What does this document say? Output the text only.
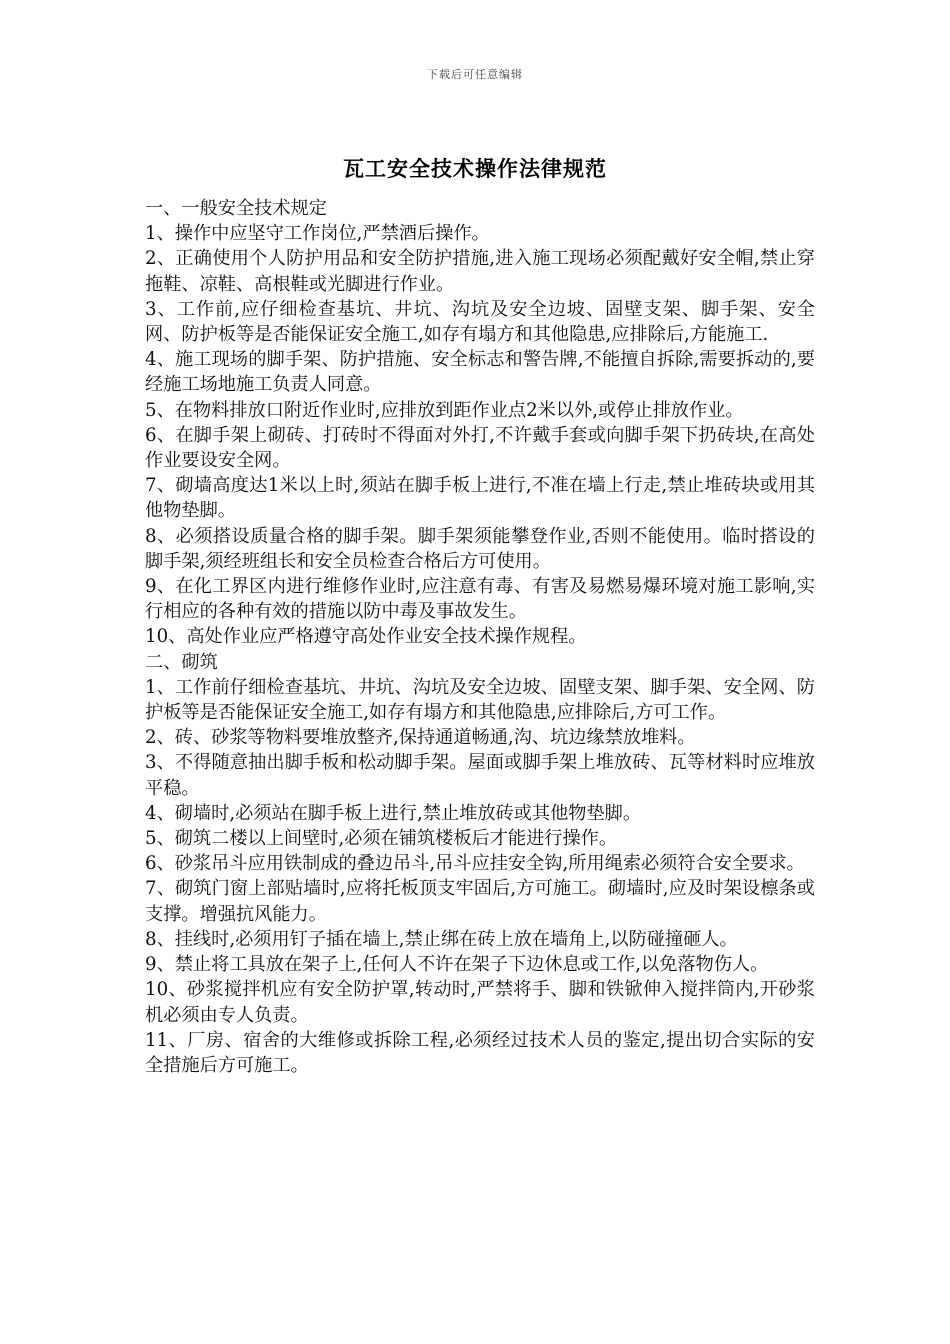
下载后可任意编辑
瓦工安全技术操作法律规范

一、一般安全技术规定

1、操作中应坚守工作岗位,严禁酒后操作。

2、正确使用个人防护用品和安全防护措施,进入施工现场必须配戴好安全帽,禁止穿拖鞋、凉鞋、高根鞋或光脚进行作业。

3、工作前,应仔细检查基坑、井坑、沟坑及安全边坡、固壁支架、脚手架、安全网、防护板等是否能保证安全施工,如存有塌方和其他隐患,应排除后,方能施工.

4、施工现场的脚手架、防护措施、安全标志和警告牌,不能擅自拆除,需要拆动的,要经施工场地施工负责人同意。

5、在物料排放口附近作业时,应排放到距作业点2米以外,或停止排放作业。

6、在脚手架上砌砖、打砖时不得面对外打,不许戴手套或向脚手架下扔砖块,在高处作业要设安全网。

7、砌墙高度达1米以上时,须站在脚手板上进行,不准在墙上行走,禁止堆砖块或用其他物垫脚。

8、必须搭设质量合格的脚手架。脚手架须能攀登作业,否则不能使用。临时搭设的脚手架,须经班组长和安全员检查合格后方可使用。

9、在化工界区内进行维修作业时,应注意有毒、有害及易燃易爆环境对施工影响,实行相应的各种有效的措施以防中毒及事故发生。

10、高处作业应严格遵守高处作业安全技术操作规程。

二、砌筑

1、工作前仔细检查基坑、井坑、沟坑及安全边坡、固壁支架、脚手架、安全网、防护板等是否能保证安全施工,如存有塌方和其他隐患,应排除后,方可工作。

2、砖、砂浆等物料要堆放整齐,保持通道畅通,沟、坑边缘禁放堆料。

3、不得随意抽出脚手板和松动脚手架。屋面或脚手架上堆放砖、瓦等材料时应堆放平稳。

4、砌墙时,必须站在脚手板上进行,禁止堆放砖或其他物垫脚。

5、砌筑二楼以上间壁时,必须在铺筑楼板后才能进行操作。

6、砂浆吊斗应用铁制成的叠边吊斗,吊斗应挂安全钩,所用绳索必须符合安全要求。

7、砌筑门窗上部贴墙时,应将托板顶支牢固后,方可施工。砌墙时,应及时架设檩条或支撑。增强抗风能力。

8、挂线时,必须用钉子插在墙上,禁止绑在砖上放在墙角上,以防碰撞砸人。

9、禁止将工具放在架子上,任何人不许在架子下边休息或工作,以免落物伤人。

10、砂浆搅拌机应有安全防护罩,转动时,严禁将手、脚和铁锨伸入搅拌筒内,开砂浆机必须由专人负责。

11、厂房、宿舍的大维修或拆除工程,必须经过技术人员的鉴定,提出切合实际的安全措施后方可施工。
